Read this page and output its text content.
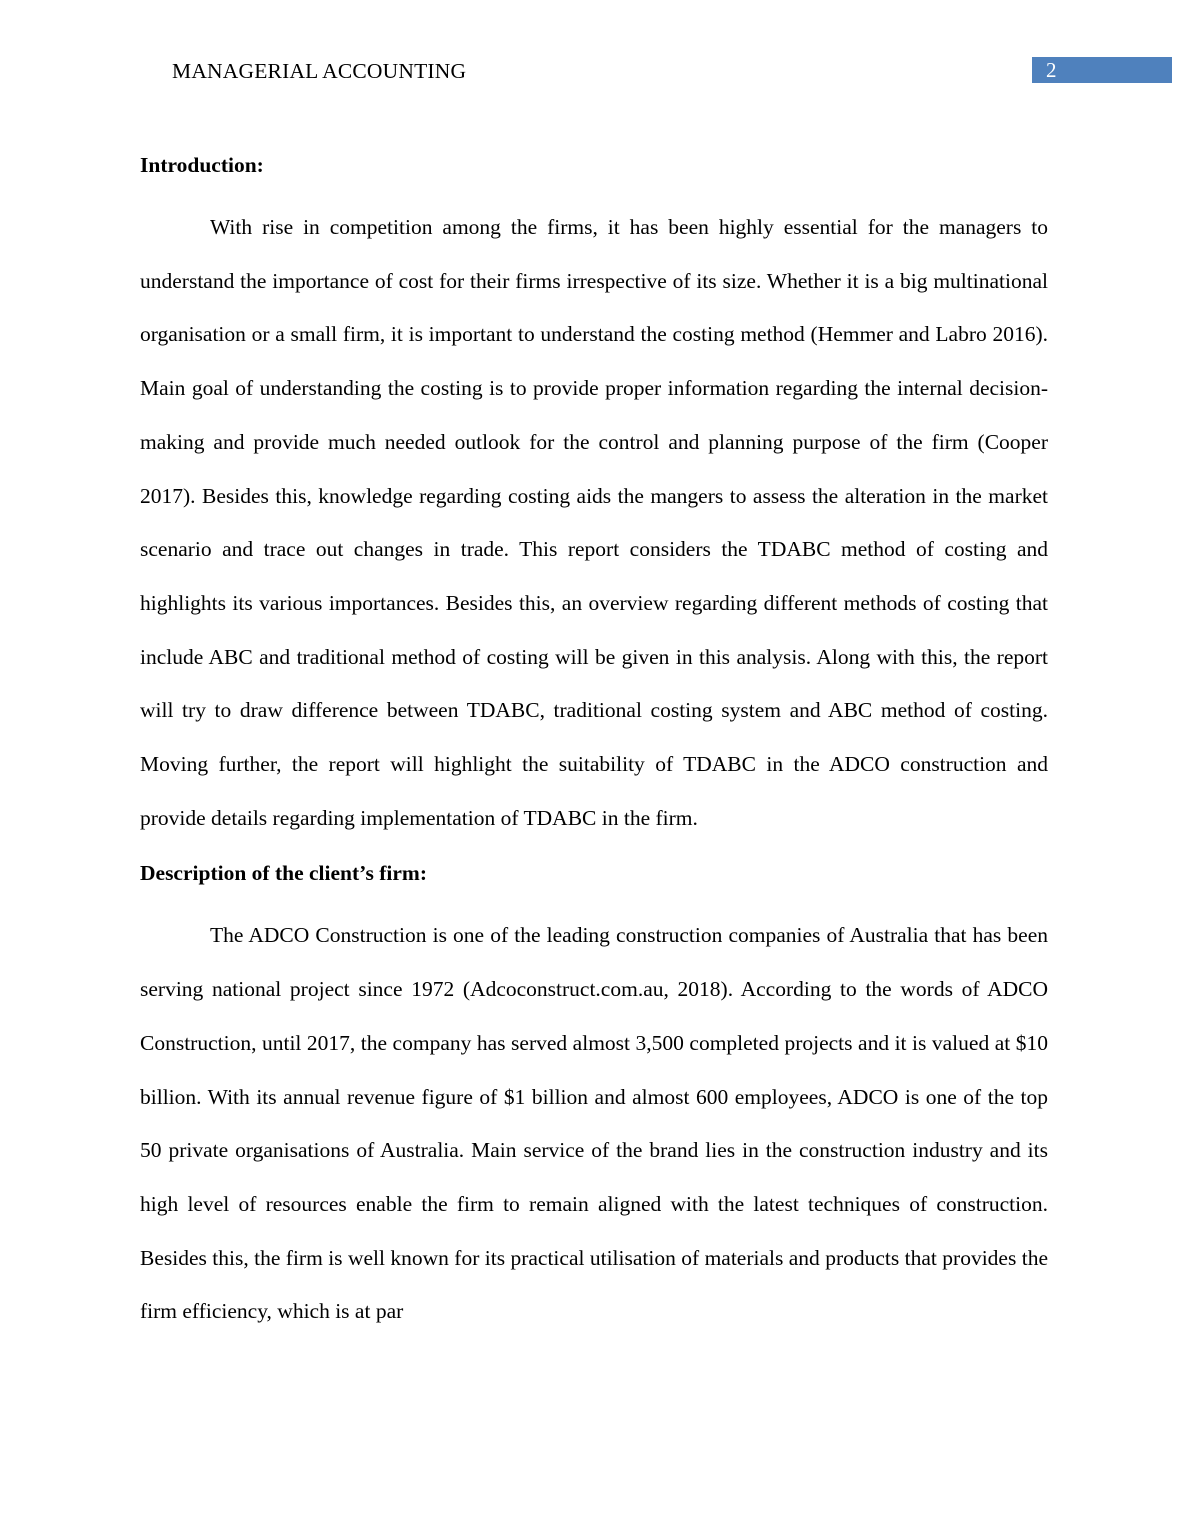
MANAGERIAL ACCOUNTING	2

Introduction:

With rise in competition among the firms, it has been highly essential for the managers to understand the importance of cost for their firms irrespective of its size. Whether it is a big multinational organisation or a small firm, it is important to understand the costing method (Hemmer and Labro 2016). Main goal of understanding the costing is to provide proper information regarding the internal decision-making and provide much needed outlook for the control and planning purpose of the firm (Cooper 2017). Besides this, knowledge regarding costing aids the mangers to assess the alteration in the market scenario and trace out changes in trade. This report considers the TDABC method of costing and highlights its various importances. Besides this, an overview regarding different methods of costing that include ABC and traditional method of costing will be given in this analysis. Along with this, the report will try to draw difference between TDABC, traditional costing system and ABC method of costing. Moving further, the report will highlight the suitability of TDABC in the ADCO construction and provide details regarding implementation of TDABC in the firm.

Description of the client’s firm:

The ADCO Construction is one of the leading construction companies of Australia that has been serving national project since 1972 (Adcoconstruct.com.au, 2018). According to the words of ADCO Construction, until 2017, the company has served almost 3,500 completed projects and it is valued at $10 billion. With its annual revenue figure of $1 billion and almost 600 employees, ADCO is one of the top 50 private organisations of Australia. Main service of the brand lies in the construction industry and its high level of resources enable the firm to remain aligned with the latest techniques of construction. Besides this, the firm is well known for its practical utilisation of materials and products that provides the firm efficiency, which is at par
